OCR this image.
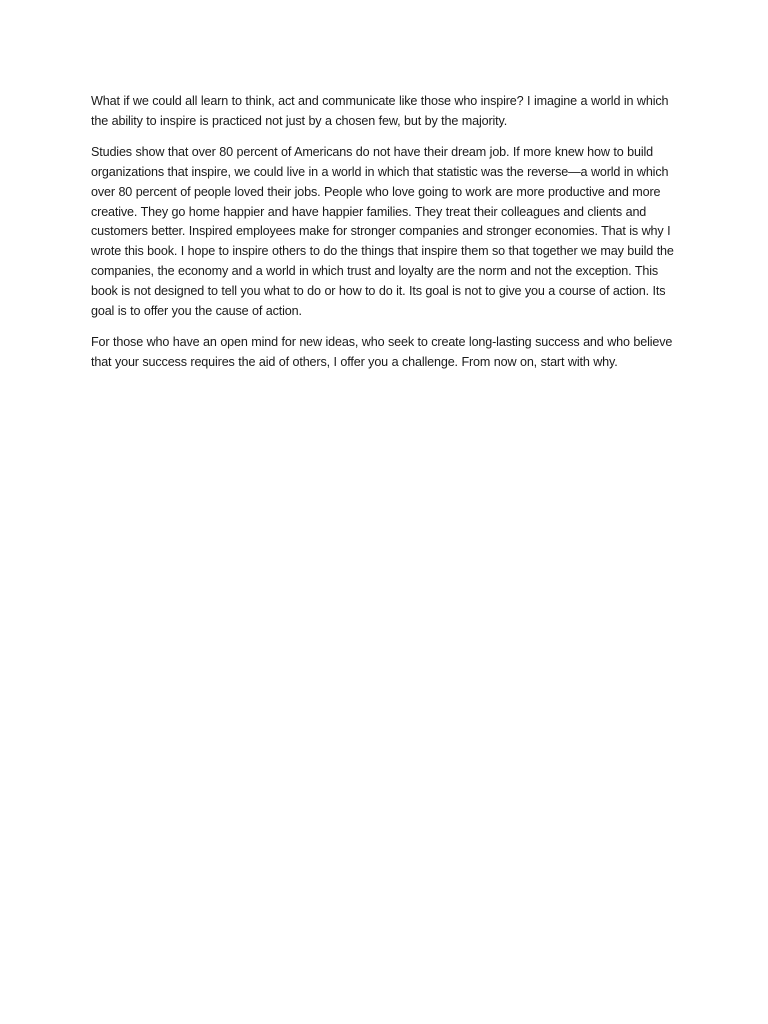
What if we could all learn to think, act and communicate like those who inspire? I imagine a world in which the ability to inspire is practiced not just by a chosen few, but by the majority.

Studies show that over 80 percent of Americans do not have their dream job. If more knew how to build organizations that inspire, we could live in a world in which that statistic was the reverse—a world in which over 80 percent of people loved their jobs. People who love going to work are more productive and more creative. They go home happier and have happier families. They treat their colleagues and clients and customers better. Inspired employees make for stronger companies and stronger economies. That is why I wrote this book. I hope to inspire others to do the things that inspire them so that together we may build the companies, the economy and a world in which trust and loyalty are the norm and not the exception. This book is not designed to tell you what to do or how to do it. Its goal is not to give you a course of action. Its goal is to offer you the cause of action.

For those who have an open mind for new ideas, who seek to create long-lasting success and who believe that your success requires the aid of others, I offer you a challenge. From now on, start with why.
